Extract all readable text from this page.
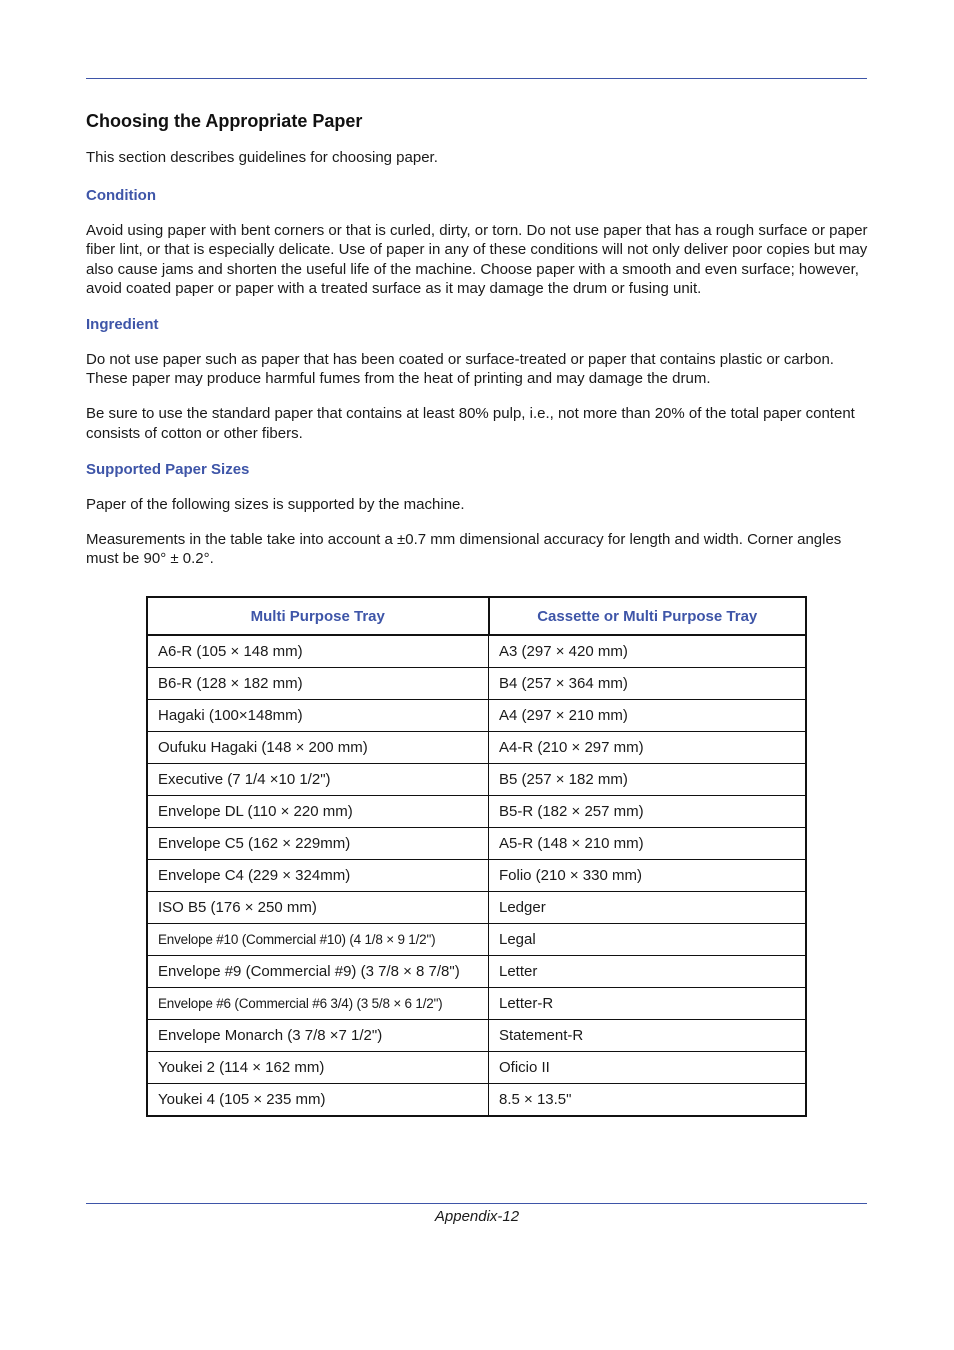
Choosing the Appropriate Paper

This section describes guidelines for choosing paper.

Condition

Avoid using paper with bent corners or that is curled, dirty, or torn. Do not use paper that has a rough surface or paper fiber lint, or that is especially delicate. Use of paper in any of these conditions will not only deliver poor copies but may also cause jams and shorten the useful life of the machine. Choose paper with a smooth and even surface; however, avoid coated paper or paper with a treated surface as it may damage the drum or fusing unit.

Ingredient

Do not use paper such as paper that has been coated or surface-treated or paper that contains plastic or carbon. These paper may produce harmful fumes from the heat of printing and may damage the drum.

Be sure to use the standard paper that contains at least 80% pulp, i.e., not more than 20% of the total paper content consists of cotton or other fibers.

Supported Paper Sizes

Paper of the following sizes is supported by the machine.

Measurements in the table take into account a ±0.7 mm dimensional accuracy for length and width. Corner angles must be 90° ± 0.2°.

Multi Purpose Tray	Cassette or Multi Purpose Tray
A6-R (105 × 148 mm)	A3 (297 × 420 mm)
B6-R (128 × 182 mm)	B4 (257 × 364 mm)
Hagaki (100×148mm)	A4 (297 × 210 mm)
Oufuku Hagaki (148 × 200 mm)	A4-R (210 × 297 mm)
Executive (7 1/4 ×10 1/2")	B5 (257 × 182 mm)
Envelope DL (110 × 220 mm)	B5-R (182 × 257 mm)
Envelope C5 (162 × 229mm)	A5-R (148 × 210 mm)
Envelope C4 (229 × 324mm)	Folio (210 × 330 mm)
ISO B5 (176 × 250 mm)	Ledger
Envelope #10 (Commercial #10) (4 1/8 × 9 1/2")	Legal
Envelope #9 (Commercial #9) (3 7/8 × 8 7/8")	Letter
Envelope #6 (Commercial #6 3/4) (3 5/8 × 6 1/2")	Letter-R
Envelope Monarch (3 7/8 ×7 1/2")	Statement-R
Youkei 2 (114 × 162 mm)	Oficio II
Youkei 4 (105 × 235 mm)	8.5 × 13.5"
Appendix-12
